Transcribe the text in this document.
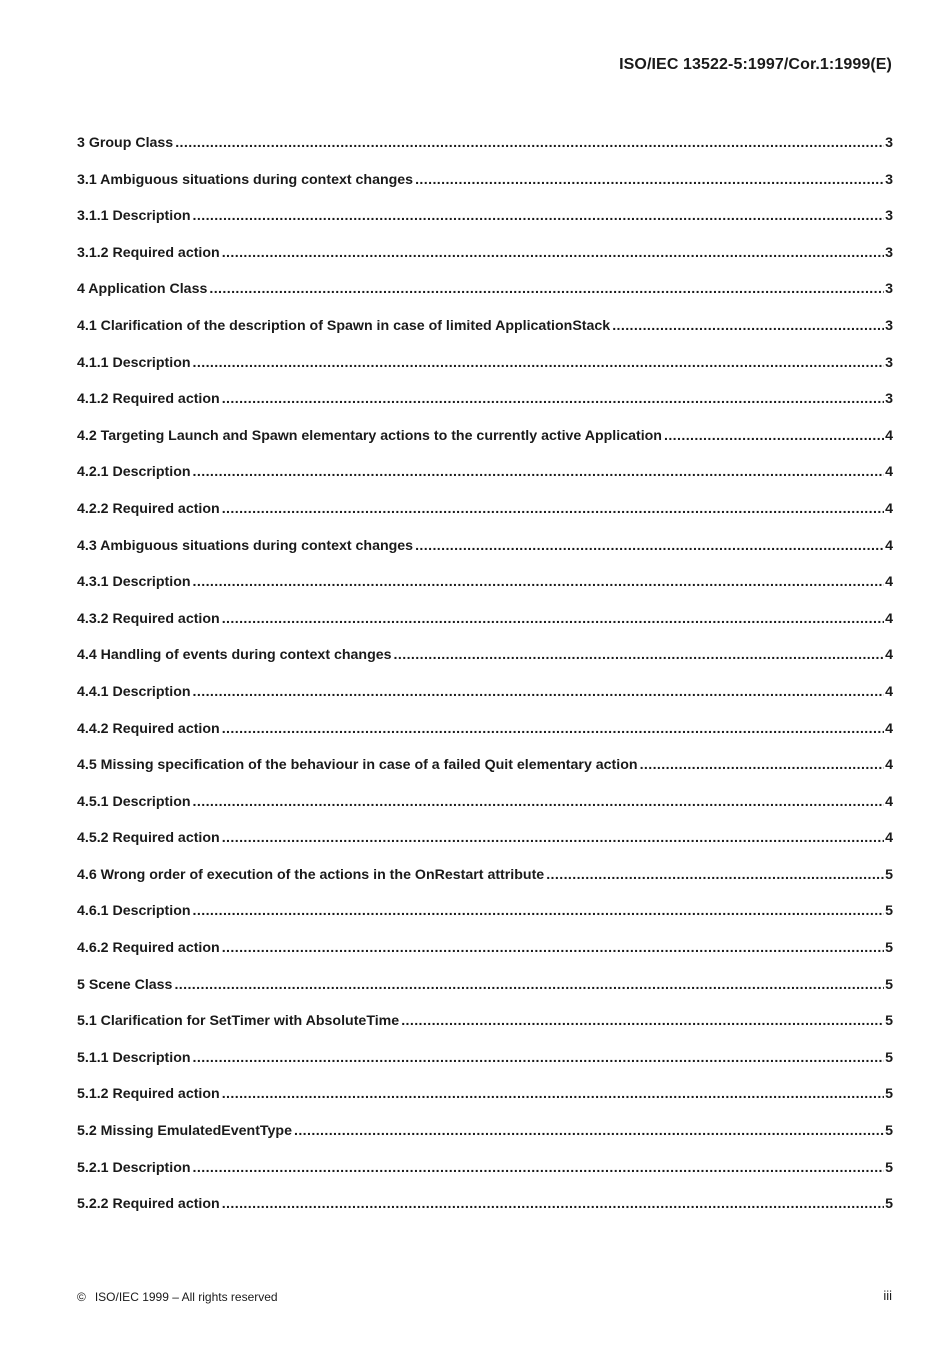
ISO/IEC 13522-5:1997/Cor.1:1999(E)
3 Group Class .....	3
3.1 Ambiguous situations during context changes .....	3
3.1.1 Description .....	3
3.1.2 Required action .....	3
4 Application Class .....	3
4.1 Clarification of the description of Spawn in case of limited ApplicationStack .....	3
4.1.1 Description .....	3
4.1.2 Required action .....	3
4.2 Targeting Launch and Spawn elementary actions to the currently active Application .....	4
4.2.1 Description .....	4
4.2.2 Required action .....	4
4.3 Ambiguous situations during context changes .....	4
4.3.1 Description .....	4
4.3.2 Required action .....	4
4.4 Handling of events during context changes .....	4
4.4.1 Description .....	4
4.4.2 Required action .....	4
4.5 Missing specification of the behaviour in case of a failed Quit elementary action .....	4
4.5.1 Description .....	4
4.5.2 Required action .....	4
4.6 Wrong order of execution of the actions in the OnRestart attribute .....	5
4.6.1 Description .....	5
4.6.2 Required action .....	5
5 Scene Class .....	5
5.1 Clarification for SetTimer with AbsoluteTime .....	5
5.1.1 Description .....	5
5.1.2 Required action .....	5
5.2 Missing EmulatedEventType .....	5
5.2.1 Description .....	5
5.2.2 Required action .....	5
© ISO/IEC 1999 – All rights reserved	iii
